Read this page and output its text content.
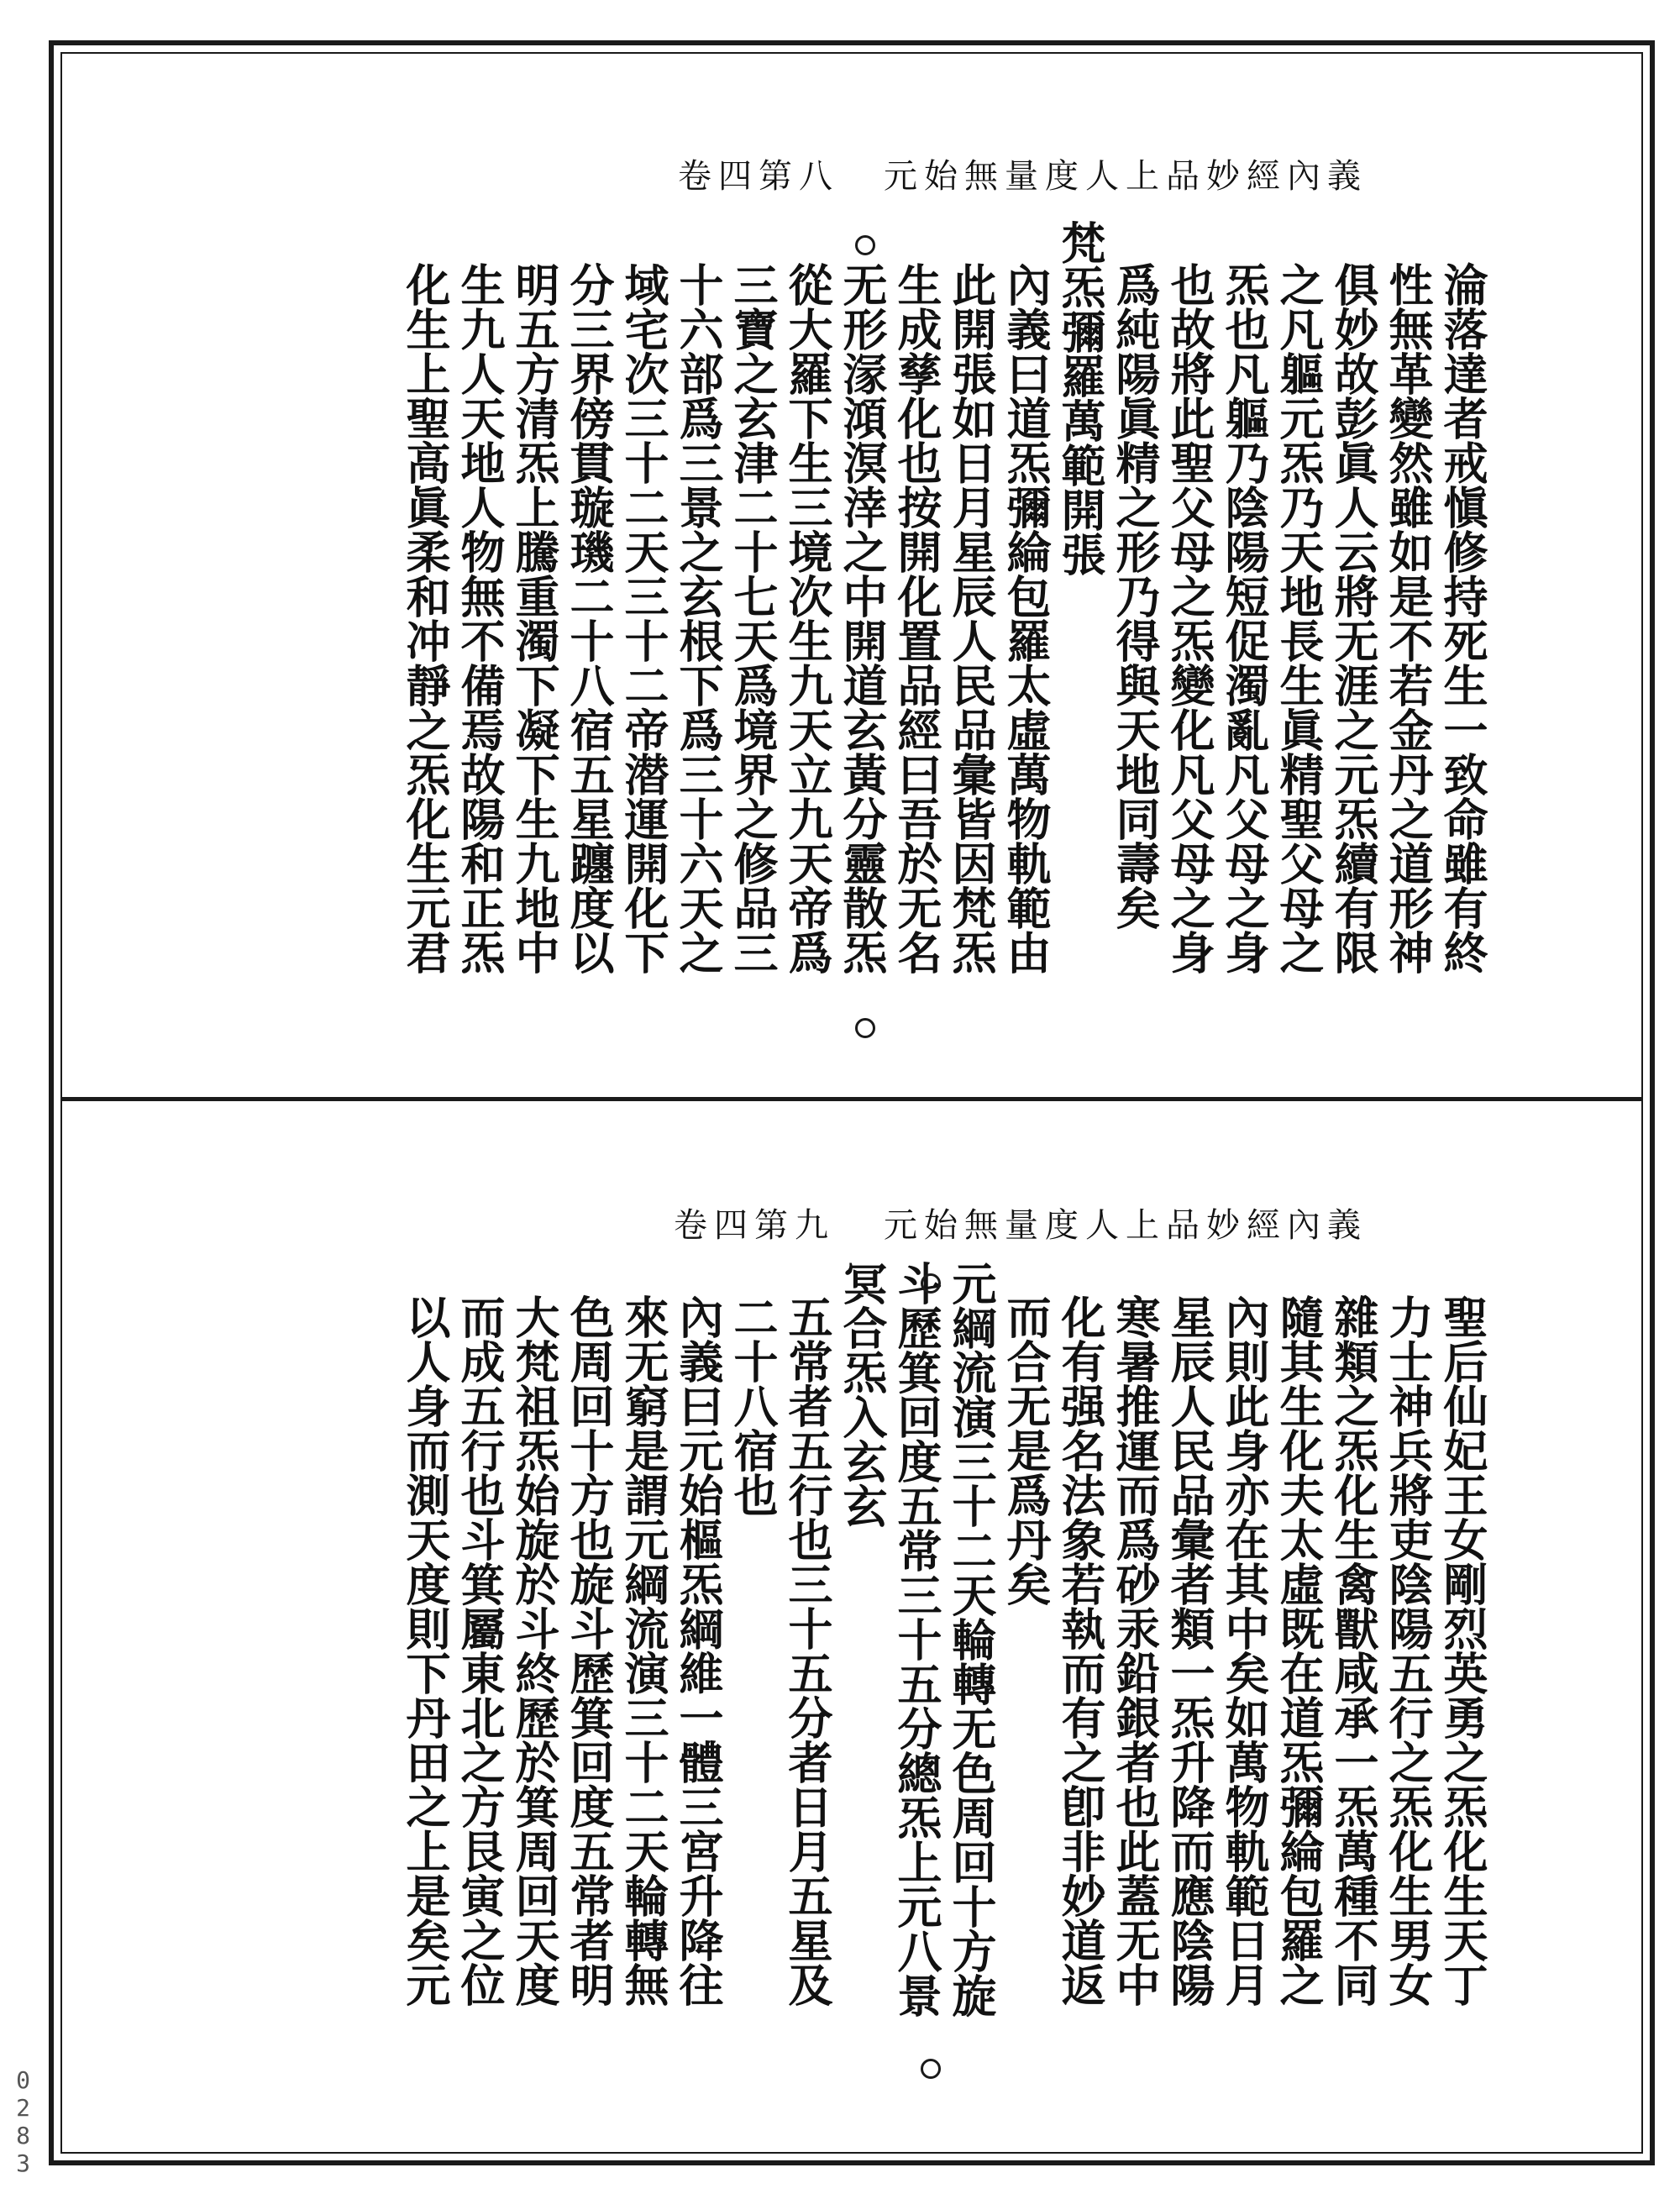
卷四第八 元始無量度人上品妙經內義
淪落達者戒愼修持死生一致命雖有終
性無革變然雖如是不若金丹之道形神
俱妙故彭眞人云將无涯之元炁續有限
之凡軀元炁乃天地長生眞精聖父母之
炁也凡軀乃陰陽短促濁亂凡父母之身
也故將此聖父母之炁變化凡父母之身
爲純陽眞精之形乃得與天地同壽矣
梵炁彌羅萬範開張
內義曰道炁彌綸包羅太虛萬物軌範由
此開張如日月星辰人民品彙皆因梵炁
生成孳化也按開化置品經曰吾於无名
无形溕澒溟涬之中開道玄黃分靈散炁
從大羅下生三境次生九天立九天帝爲
三寶之玄津二十七天爲境界之修品三
十六部爲三景之玄根下爲三十六天之
域宅次三十二天三十二帝潜運開化下
分三界傍貫璇璣二十八宿五星躔度以
明五方清炁上騰重濁下凝下生九地中
生九人天地人物無不備焉故陽和正炁
化生上聖高眞柔和冲靜之炁化生元君
卷四第九 元始無量度人上品妙經內義
聖后仙妃王女剛烈英勇之炁化生天丁
力士神兵將吏陰陽五行之炁化生男女
雜類之炁化生禽獸咸承一炁萬種不同
隨其生化夫太虛既在道炁彌綸包羅之
內則此身亦在其中矣如萬物軌範日月
星辰人民品彙者類一炁升降而應陰陽
寒暑推運而爲砂汞鉛銀者也此蓋无中
化有强名法象若執而有之卽非妙道返
而合无是爲丹矣
元綱流演三十二天輪轉无色周回十方旋
斗歷箕回度五常三十五分總炁上元八景
冥合炁入玄玄
五常者五行也三十五分者日月五星及
二十八宿也
內義曰元始樞炁綱維一體三宮升降往
來无窮是謂元綱流演三十二天輪轉無
色周回十方也旋斗歷箕回度五常者明
大梵祖炁始旋於斗終歷於箕周回天度
而成五行也斗箕屬東北之方艮寅之位
以人身而測天度則下丹田之上是矣元
0283
